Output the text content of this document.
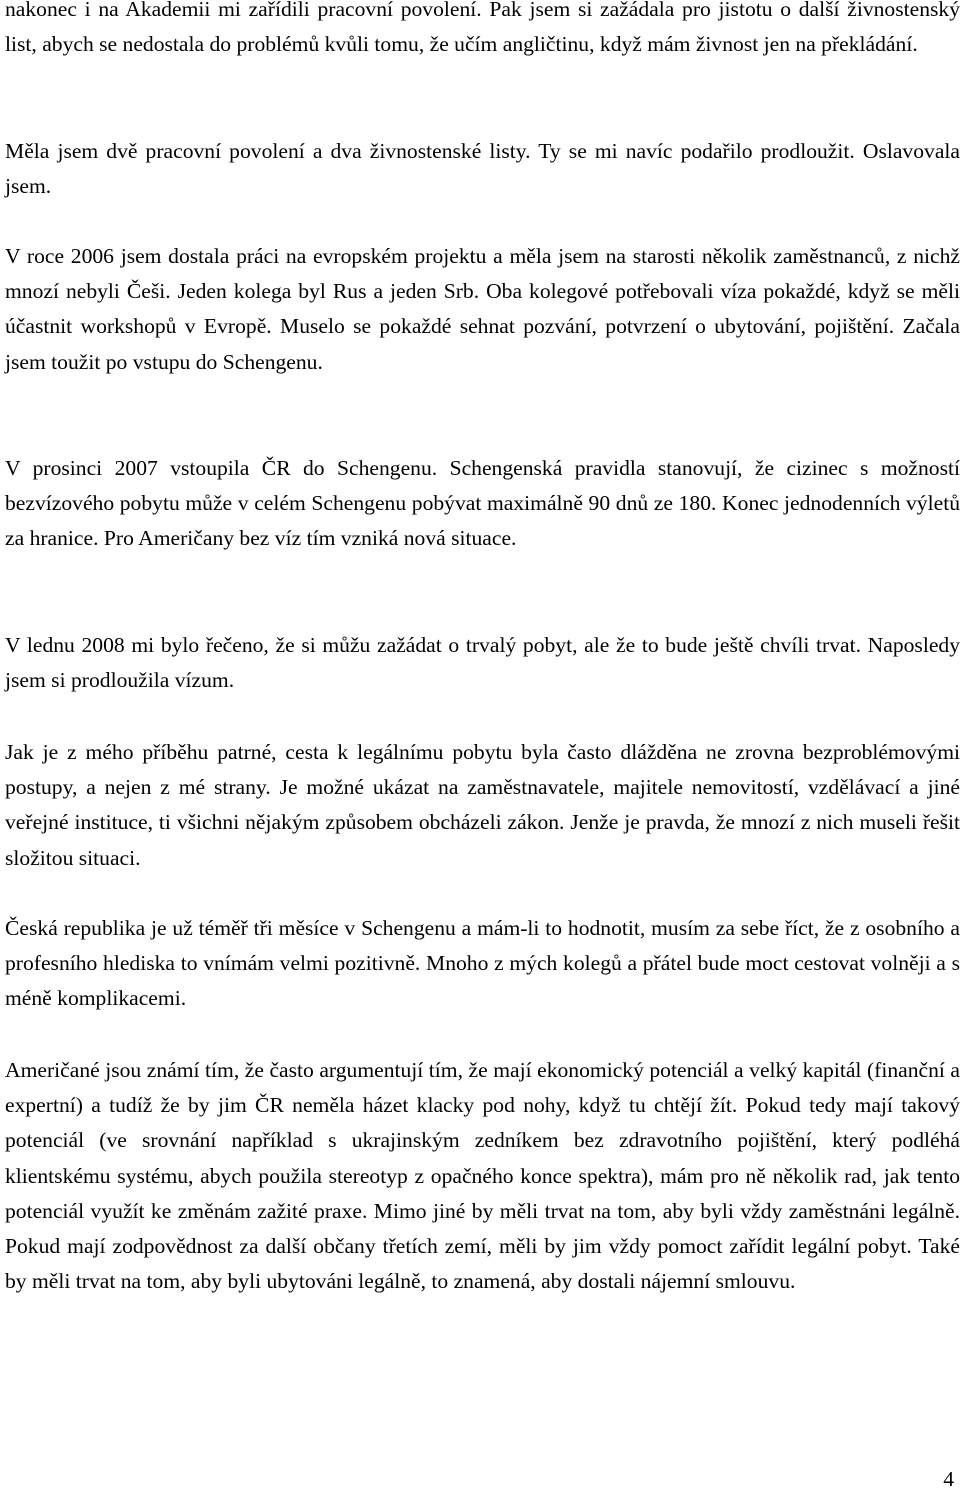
nakonec i na Akademii mi zařídili pracovní povolení. Pak jsem si zažádala pro jistotu o další živnostenský list, abych se nedostala do problémů kvůli tomu, že učím angličtinu, když mám živnost jen na překládání.

Měla jsem dvě pracovní povolení a dva živnostenské listy. Ty se mi navíc podařilo prodloužit. Oslavovala jsem.

V roce 2006 jsem dostala práci na evropském projektu a měla jsem na starosti několik zaměstnanců, z nichž mnozí nebyli Češi. Jeden kolega byl Rus a jeden Srb. Oba kolegové potřebovali víza pokaždé, když se měli účastnit workshopů v Evropě. Muselo se pokaždé sehnat pozvání, potvrzení o ubytování, pojištění. Začala jsem toužit po vstupu do Schengenu.

V prosinci 2007 vstoupila ČR do Schengenu. Schengenská pravidla stanovují, že cizinec s možností bezvízového pobytu může v celém Schengenu pobývat maximálně 90 dnů ze 180. Konec jednodenních výletů za hranice. Pro Američany bez víz tím vzniká nová situace.

V lednu 2008 mi bylo řečeno, že si můžu zažádat o trvalý pobyt, ale že to bude ještě chvíli trvat. Naposledy jsem si prodloužila vízum.

Jak je z mého příběhu patrné, cesta k legálnímu pobytu byla často dlážděna ne zrovna bezproblémovými postupy, a nejen z mé strany. Je možné ukázat na zaměstnavatele, majitele nemovitostí, vzdělávací a jiné veřejné instituce, ti všichni nějakým způsobem obcházeli zákon. Jenže je pravda, že mnozí z nich museli řešit složitou situaci.

Česká republika je už téměř tři měsíce v Schengenu a mám-li to hodnotit, musím za sebe říct, že z osobního a profesního hlediska to vnímám velmi pozitivně. Mnoho z mých kolegů a přátel bude moct cestovat volněji a s méně komplikacemi.

Američané jsou známí tím, že často argumentují tím, že mají ekonomický potenciál a velký kapitál (finanční a expertní) a tudíž že by jim ČR neměla házet klacky pod nohy, když tu chtějí žít. Pokud tedy mají takový potenciál (ve srovnání například s ukrajinským zedníkem bez zdravotního pojištění, který podléhá klientskému systému, abych použila stereotyp z opačného konce spektra), mám pro ně několik rad, jak tento potenciál využít ke změnám zažité praxe. Mimo jiné by měli trvat na tom, aby byli vždy zaměstnáni legálně. Pokud mají zodpovědnost za další občany třetích zemí, měli by jim vždy pomoct zařídit legální pobyt. Také by měli trvat na tom, aby byli ubytováni legálně, to znamená, aby dostali nájemní smlouvu.

4
